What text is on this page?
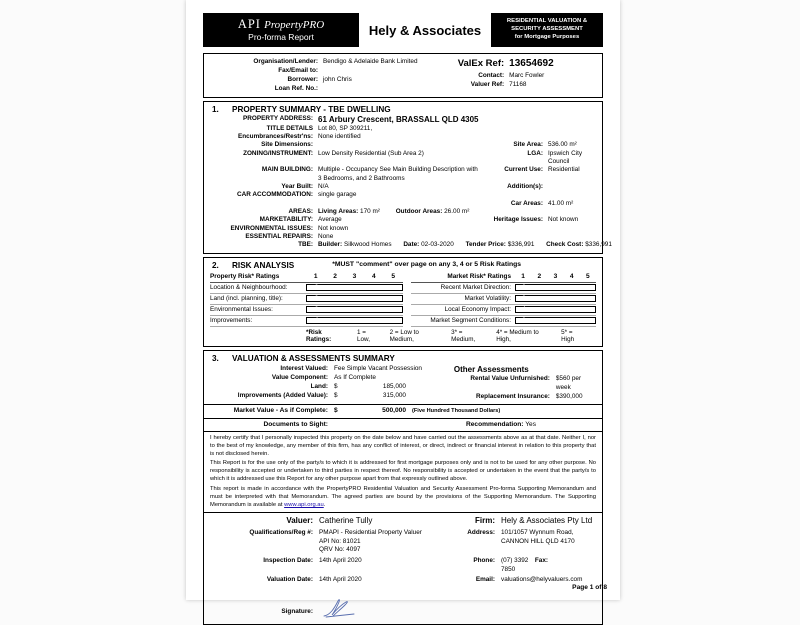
API PropertyPRO
Pro-forma Report	Hely & Associates
RESIDENTIAL VALUATION &
SECURITY ASSESSMENT
for Mortgage Purposes
Organisation/Lender: Bendigo & Adelaide Bank Limited
Fax/Email to:
Borrower: john Chris
Loan Ref. No.:
ValEx Ref: 13654692
Contact: Marc Fowler
Valuer Ref: 71168
1.	PROPERTY SUMMARY - TBE DWELLING
PROPERTY ADDRESS: 61 Arbury Crescent, BRASSALL QLD 4305
TITLE DETAILS Lot 80, SP 309211,
Encumbrances/Restr'ns: None identified
Site Dimensions:	Site Area: 536.00 m²
ZONING/INSTRUMENT: Low Density Residential (Sub Area 2)	LGA: Ipswich City Council
MAIN BUILDING: Multiple - Occupancy See Main Building Description with 3 Bedrooms, and 2 Bathrooms
Current Use: Residential
Year Built: N/A	Addition(s):
CAR ACCOMMODATION: single garage
Car Areas: 41.00 m²
AREAS: Living Areas: 170 m² Outdoor Areas: 26.00 m²
MARKETABILITY: Average	Heritage Issues: Not known
ENVIRONMENTAL ISSUES: Not known
ESSENTIAL REPAIRS: None
TBE: Builder: Silkwood Homes Date: 02-03-2020 Tender Price: $336,991 Check Cost: $336,991
2.	RISK ANALYSIS	*MUST "comment" over page on any 3, 4 or 5 Risk Ratings
Property Risk* Ratings	1	2	3	4	5
Location & Neighbourhood:	2
Land (incl. planning, title):	2
Environmental Issues:	2
Improvements:	4
Market Risk* Ratings	1	2	3	4	5
Recent Market Direction:	2
Market Volatility:	3
Local Economy Impact:	4
Market Segment Conditions:	3
*Risk Ratings:
1 = Low,
2 = Low to Medium,
3* = Medium,
4* = Medium to High,
5* = High
3.	VALUATION & ASSESSMENTS SUMMARY
Interest Valued: Fee Simple Vacant Possession
Value Component: As If Complete
Land: $	185,000
Improvements (Added Value): $	315,000
Other Assessments
Rental Value Unfurnished: $560 per week
Replacement Insurance: $390,000
Market Value - As if Complete: $	500,000	(Five Hundred Thousand Dollars)
Documents to Sight:	Recommendation: Yes

I hereby certify that I personally inspected this property on the date below and have carried out the assessments above as at that date. Neither I, nor to the best of my knowledge, any member of this firm, has any conflict of interest, or direct, indirect or financial interest in relation to this property that is not disclosed herein.

This Report is for the use only of the party/s to which it is addressed for first mortgage purposes only and is not to be used for any other purpose. No responsibility is accepted or undertaken to third parties in respect thereof. No responsibility is accepted or undertaken in the event that the party/s to which it is addressed use this Report for any other purpose apart from that expressly outlined above.

This report is made in accordance with the PropertyPRO Residential Valuation and Security Assessment Pro-forma Supporting Memorandum and must be interpreted with that Memorandum. The agreed parties are bound by the provisions of the Supporting Memorandum. The Supporting Memorandum is available at www.api.org.au.

Valuer: Catherine Tully	Firm: Hely & Associates Pty Ltd
Qualifications/Reg #: PMAPI - Residential Property Valuer
API No: 81021
QRV No: 4097
Address: 101/1057 Wynnum Road, CANNON HILL QLD 4170
Inspection Date: 14th April 2020	Phone: (07) 3392 7850
Fax:
Valuation Date: 14th April 2020	Email: valuations@helyvaluers.com
Signature:
Page 1 of 8
